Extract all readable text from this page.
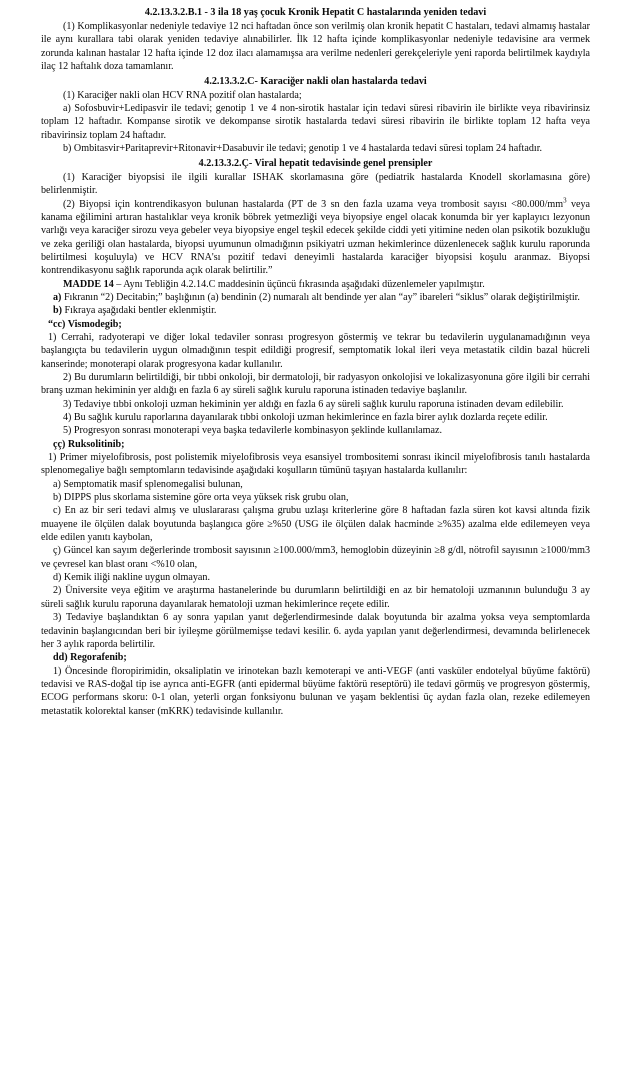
4.2.13.3.2.B.1 - 3 ila 18 yaş çocuk Kronik Hepatit C hastalarında yeniden tedavi

(1) Komplikasyonlar nedeniyle tedaviye 12 nci haftadan önce son verilmiş olan kronik hepatit C hastaları, tedavi almamış hastalar ile aynı kurallara tabi olarak yeniden tedaviye alınabilirler. İlk 12 hafta içinde komplikasyonlar nedeniyle tedavisine ara vermek zorunda kalınan hastalar 12 hafta içinde 12 doz ilacı alamamışsa ara verilme nedenleri gerekçeleriyle yeni raporda belirtilmek kaydıyla ilaç 12 haftalık doza tamamlanır.

4.2.13.3.2.C- Karaciğer nakli olan hastalarda tedavi

(1) Karaciğer nakli olan HCV RNA pozitif olan hastalarda;

a) Sofosbuvir+Ledipasvir ile tedavi; genotip 1 ve 4 non-sirotik hastalar için tedavi süresi ribavirin ile birlikte veya ribavirinsiz toplam 12 haftadır. Kompanse sirotik ve dekompanse sirotik hastalarda tedavi süresi ribavirin ile birlikte toplam 12 hafta veya ribavirinsiz toplam 24 haftadır.

b) Ombitasvir+Paritaprevir+Ritonavir+Dasabuvir ile tedavi; genotip 1 ve 4 hastalarda tedavi süresi toplam 24 haftadır.

4.2.13.3.2.Ç- Viral hepatit tedavisinde genel prensipler

(1) Karaciğer biyopsisi ile ilgili kurallar ISHAK skorlamasına göre (pediatrik hastalarda Knodell skorlamasına göre) belirlenmiştir.

(2) Biyopsi için kontrendikasyon bulunan hastalarda (PT de 3 sn den fazla uzama veya trombosit sayısı $<80.000/mm^3$ veya kanama eğilimini artıran hastalıklar veya kronik böbrek yetmezliği veya biyopsiye engel olacak konumda bir yer kaplayıcı lezyonun varlığı veya karaciğer sirozu veya gebeler veya biyopsiye engel teşkil edecek şekilde ciddi yeti yitimine neden olan psikotik bozukluğu ve zeka geriliği olan hastalarda, biyopsi uyumunun olmadığının psikiyatri uzman hekimlerince düzenlenecek sağlık kurulu raporunda belirtilmesi koşuluyla) ve HCV RNA'sı pozitif tedavi deneyimli hastalarda karaciğer biyopsisi koşulu aranmaz. Biyopsi kontrendikasyonu sağlık raporunda açık olarak belirtilir.”

MADDE 14 – Aynı Tebliğin 4.2.14.C maddesinin üçüncü fıkrasında aşağıdaki düzenlemeler yapılmıştır.

a) Fıkranın “2) Decitabin;” başlığının (a) bendinin (2) numaralı alt bendinde yer alan “ay” ibareleri “siklus” olarak değiştirilmiştir.

b) Fıkraya aşağıdaki bentler eklenmiştir.

“cc) Vismodegib;

1) Cerrahi, radyoterapi ve diğer lokal tedaviler sonrası progresyon göstermiş ve tekrar bu tedavilerin uygulanamadığının veya başlangıçta bu tedavilerin uygun olmadığının tespit edildiği progresif, semptomatik lokal ileri veya metastatik cildin bazal hücreli kanserinde; monoterapi olarak progresyona kadar kullanılır.

2) Bu durumların belirtildiği, bir tıbbi onkoloji, bir dermatoloji, bir radyasyon onkolojisi ve lokalizasyonuna göre ilgili bir cerrahi branş uzman hekiminin yer aldığı en fazla 6 ay süreli sağlık kurulu raporuna istinaden tedaviye başlanılır.

3) Tedaviye tıbbi onkoloji uzman hekiminin yer aldığı en fazla 6 ay süreli sağlık kurulu raporuna istinaden devam edilebilir.

4) Bu sağlık kurulu raporlarına dayanılarak tıbbi onkoloji uzman hekimlerince en fazla birer aylık dozlarda reçete edilir.

5) Progresyon sonrası monoterapi veya başka tedavilerle kombinasyon şeklinde kullanılamaz.

çç) Ruksolitinib;

1) Primer miyelofibrosis, post polistemik miyelofibrosis veya esansiyel trombositemi sonrası ikincil miyelofibrosis tanılı hastalarda splenomegaliye bağlı semptomların tedavisinde aşağıdaki koşulların tümünü taşıyan hastalarda kullanılır:

a) Semptomatik masif splenomegalisi bulunan,

b) DIPPS plus skorlama sistemine göre orta veya yüksek risk grubu olan,

c) En az bir seri tedavi almış ve uluslararası çalışma grubu uzlaşı kriterlerine göre 8 haftadan fazla süren kot kavsi altında fizik muayene ile ölçülen dalak boyutunda başlangıca göre ≥%50 (USG ile ölçülen dalak hacminde ≥%35) azalma elde edilemeyen veya elde edilen yanıtı kaybolan,

ç) Güncel kan sayım değerlerinde trombosit sayısının ≥100.000/mm3, hemoglobin düzeyinin ≥8 g/dl, nötrofil sayısının ≥1000/mm3 ve çevresel kan blast oranı <%10 olan,

d) Kemik iliği nakline uygun olmayan.

2) Üniversite veya eğitim ve araştırma hastanelerinde bu durumların belirtildiği en az bir hematoloji uzmanının bulunduğu 3 ay süreli sağlık kurulu raporuna dayanılarak hematoloji uzman hekimlerince reçete edilir.

3) Tedaviye başlandıktan 6 ay sonra yapılan yanıt değerlendirmesinde dalak boyutunda bir azalma yoksa veya semptomlarda tedavinin başlangıcından beri bir iyileşme görülmemişse tedavi kesilir. 6. ayda yapılan yanıt değerlendirmesi, devamında belirlenecek her 3 aylık raporda belirtilir.

dd) Regorafenib;

1) Öncesinde floropirimidin, oksaliplatin ve irinotekan bazlı kemoterapi ve anti-VEGF (anti vasküler endotelyal büyüme faktörü) tedavisi ve RAS-doğal tip ise ayrıca anti-EGFR (anti epidermal büyüme faktörü reseptörü) ile tedavi görmüş ve progresyon göstermiş, ECOG performans skoru: 0-1 olan, yeterli organ fonksiyonu bulunan ve yaşam beklentisi üç aydan fazla olan, rezeke edilemeyen metastatik kolorektal kanser (mKRK) tedavisinde kullanılır.
